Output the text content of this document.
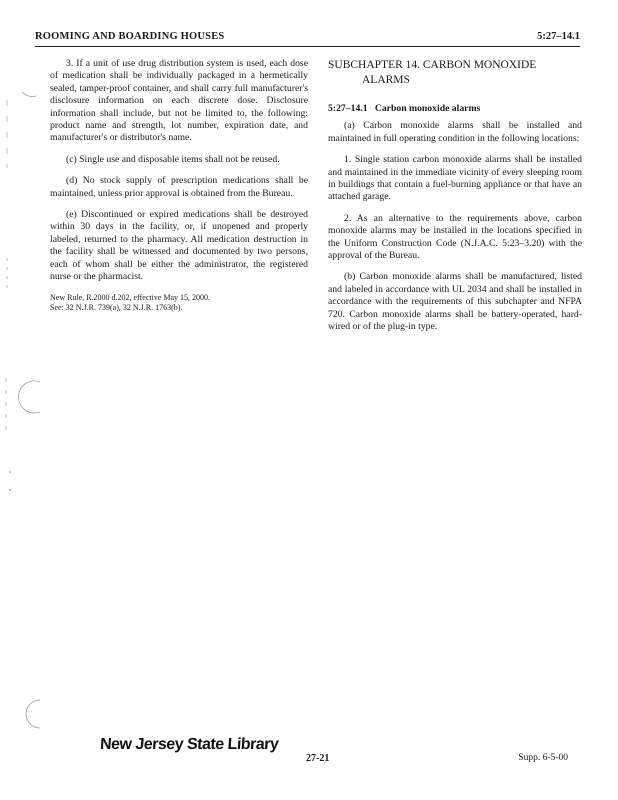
ROOMING AND BOARDING HOUSES	5:27–14.1

3. If a unit of use drug distribution system is used, each dose of medication shall be individually packaged in a hermetically sealed, tamper-proof container, and shall carry full manufacturer's disclosure information on each discrete dose. Disclosure information shall include, but not be limited to, the following: product name and strength, lot number, expiration date, and manufacturer's or distributor's name.

(c) Single use and disposable items shall not be reused.

(d) No stock supply of prescription medications shall be maintained, unless prior approval is obtained from the Bureau.

(e) Discontinued or expired medications shall be destroyed within 30 days in the facility, or, if unopened and properly labeled, returned to the pharmacy. All medication destruction in the facility shall be witnessed and documented by two persons, each of whom shall be either the administrator, the registered nurse or the pharmacist.

New Rule, R.2000 d.202, effective May 15, 2000.

See: 32 N.J.R. 739(a), 32 N.J.R. 1763(b).

SUBCHAPTER 14. CARBON MONOXIDE ALARMS
5:27–14.1 Carbon monoxide alarms

(a) Carbon monoxide alarms shall be installed and maintained in full operating condition in the following locations:

1. Single station carbon monoxide alarms shall be installed and maintained in the immediate vicinity of every sleeping room in buildings that contain a fuel-burning appliance or that have an attached garage.

2. As an alternative to the requirements above, carbon monoxide alarms may be installed in the locations specified in the Uniform Construction Code (N.J.A.C. 5:23–3.20) with the approval of the Bureau.

(b) Carbon monoxide alarms shall be manufactured, listed and labeled in accordance with UL 2034 and shall be installed in accordance with the requirements of this subchapter and NFPA 720. Carbon monoxide alarms shall be battery-operated, hard-wired or of the plug-in type.

New Jersey State Library
27-21	Supp. 6-5-00
